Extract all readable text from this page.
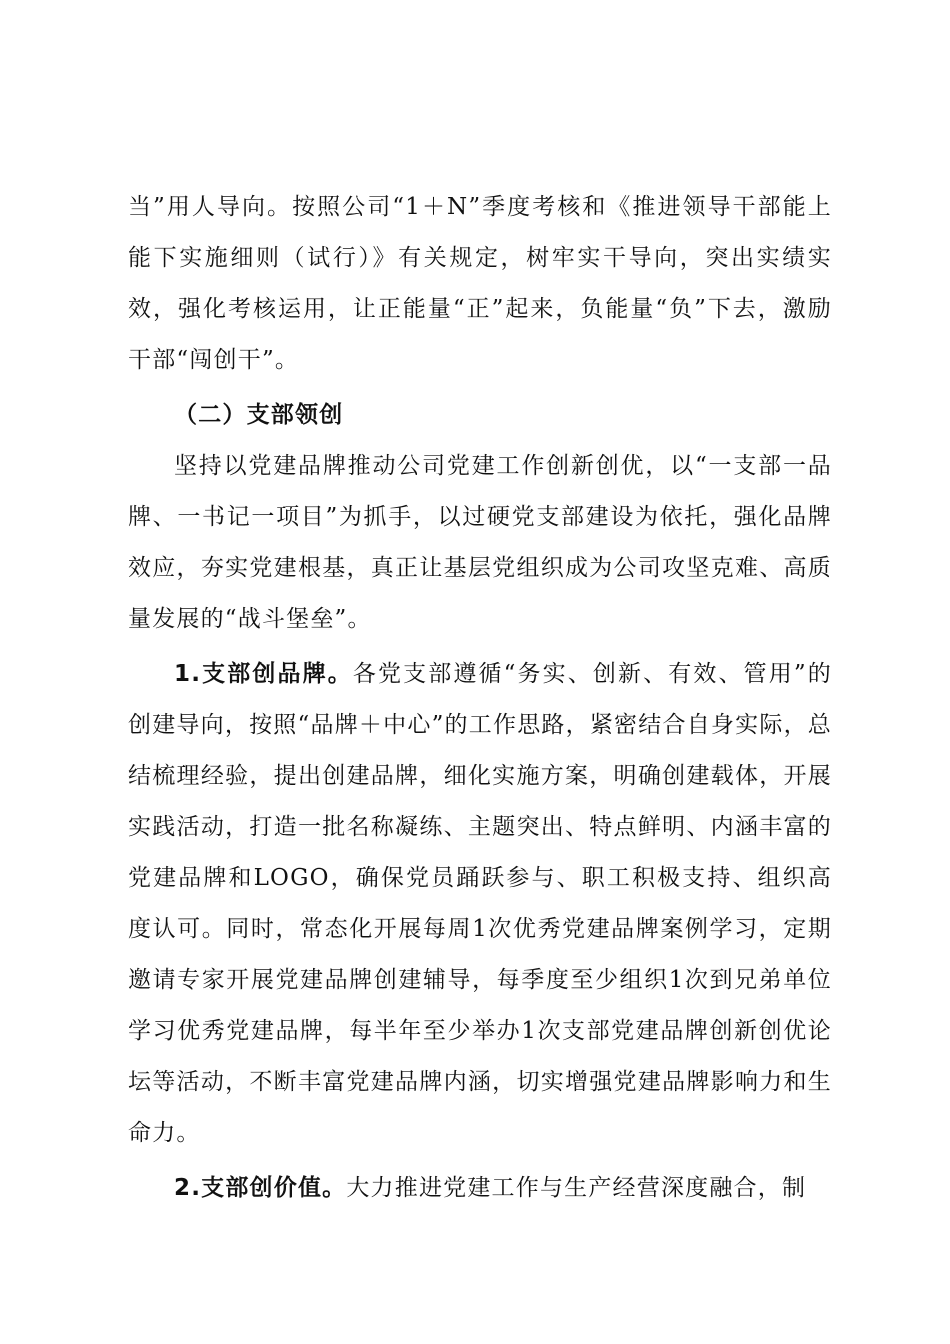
当”用人导向。按照公司“1＋N”季度考核和《推进领导干部能上能下实施细则（试行）》有关规定，树牢实干导向，突出实绩实效，强化考核运用，让正能量“正”起来，负能量“负”下去，激励干部“闯创干”。

（二）支部领创

坚持以党建品牌推动公司党建工作创新创优，以“一支部一品牌、一书记一项目”为抓手，以过硬党支部建设为依托，强化品牌效应，夯实党建根基，真正让基层党组织成为公司攻坚克难、高质量发展的“战斗堡垒”。

1.支部创品牌。各党支部遵循“务实、创新、有效、管用”的创建导向，按照“品牌＋中心”的工作思路，紧密结合自身实际，总结梳理经验，提出创建品牌，细化实施方案，明确创建载体，开展实践活动，打造一批名称凝练、主题突出、特点鲜明、内涵丰富的党建品牌和LOGO，确保党员踊跃参与、职工积极支持、组织高度认可。同时，常态化开展每周1次优秀党建品牌案例学习，定期邀请专家开展党建品牌创建辅导，每季度至少组织1次到兄弟单位学习优秀党建品牌，每半年至少举办1次支部党建品牌创新创优论坛等活动，不断丰富党建品牌内涵，切实增强党建品牌影响力和生命力。

2.支部创价值。大力推进党建工作与生产经营深度融合，制
